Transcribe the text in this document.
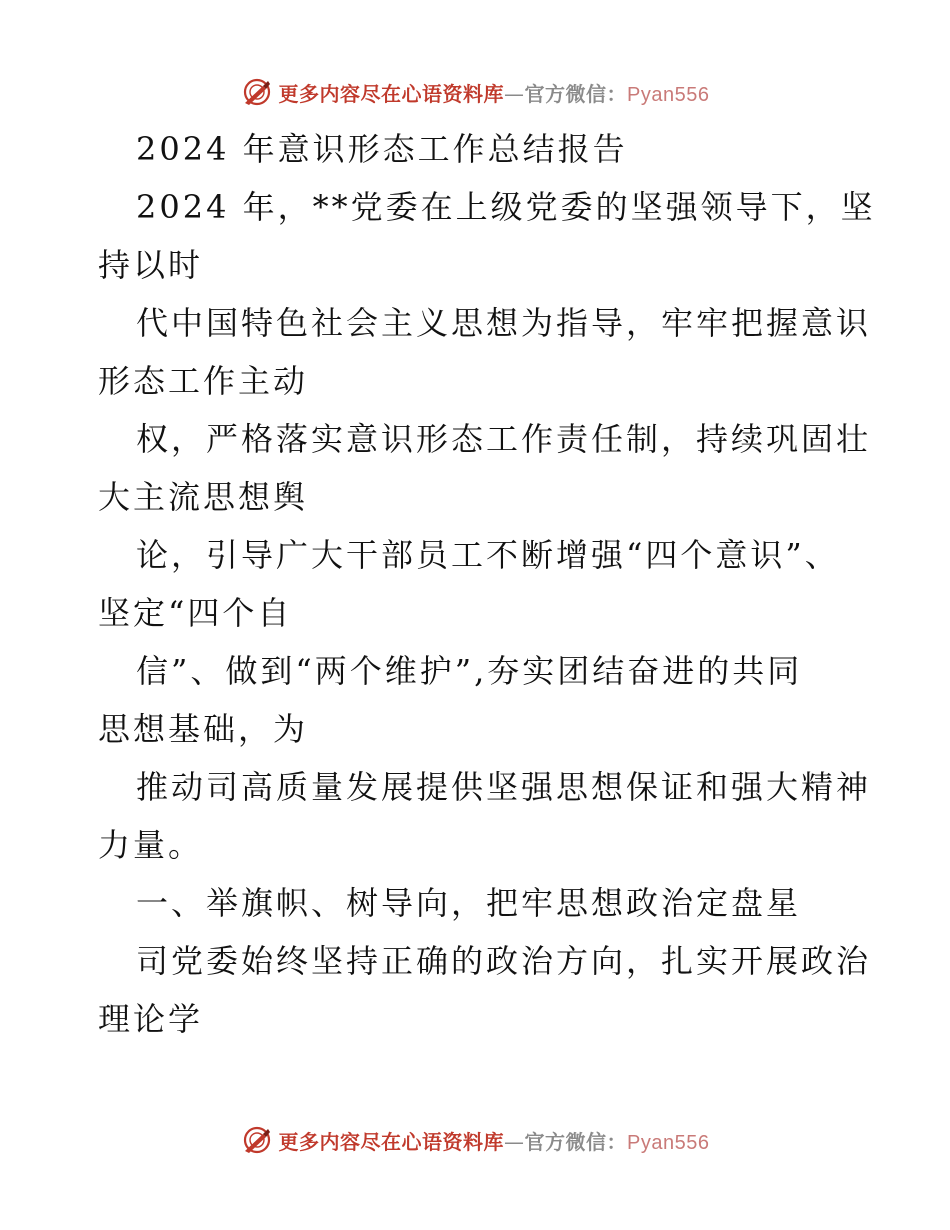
更多内容尽在心语资料库—官方微信：Pyan556
2024 年意识形态工作总结报告
2024 年，**党委在上级党委的坚强领导下，坚
持以时
代中国特色社会主义思想为指导，牢牢把握意识
形态工作主动
权，严格落实意识形态工作责任制，持续巩固壮
大主流思想舆
论，引导广大干部员工不断增强“四个意识”、
坚定“四个自
信”、做到“两个维护”,夯实团结奋进的共同
思想基础，为
推动司高质量发展提供坚强思想保证和强大精神
力量。
一、举旗帜、树导向，把牢思想政治定盘星
司党委始终坚持正确的政治方向，扎实开展政治
理论学
更多内容尽在心语资料库—官方微信：Pyan556
